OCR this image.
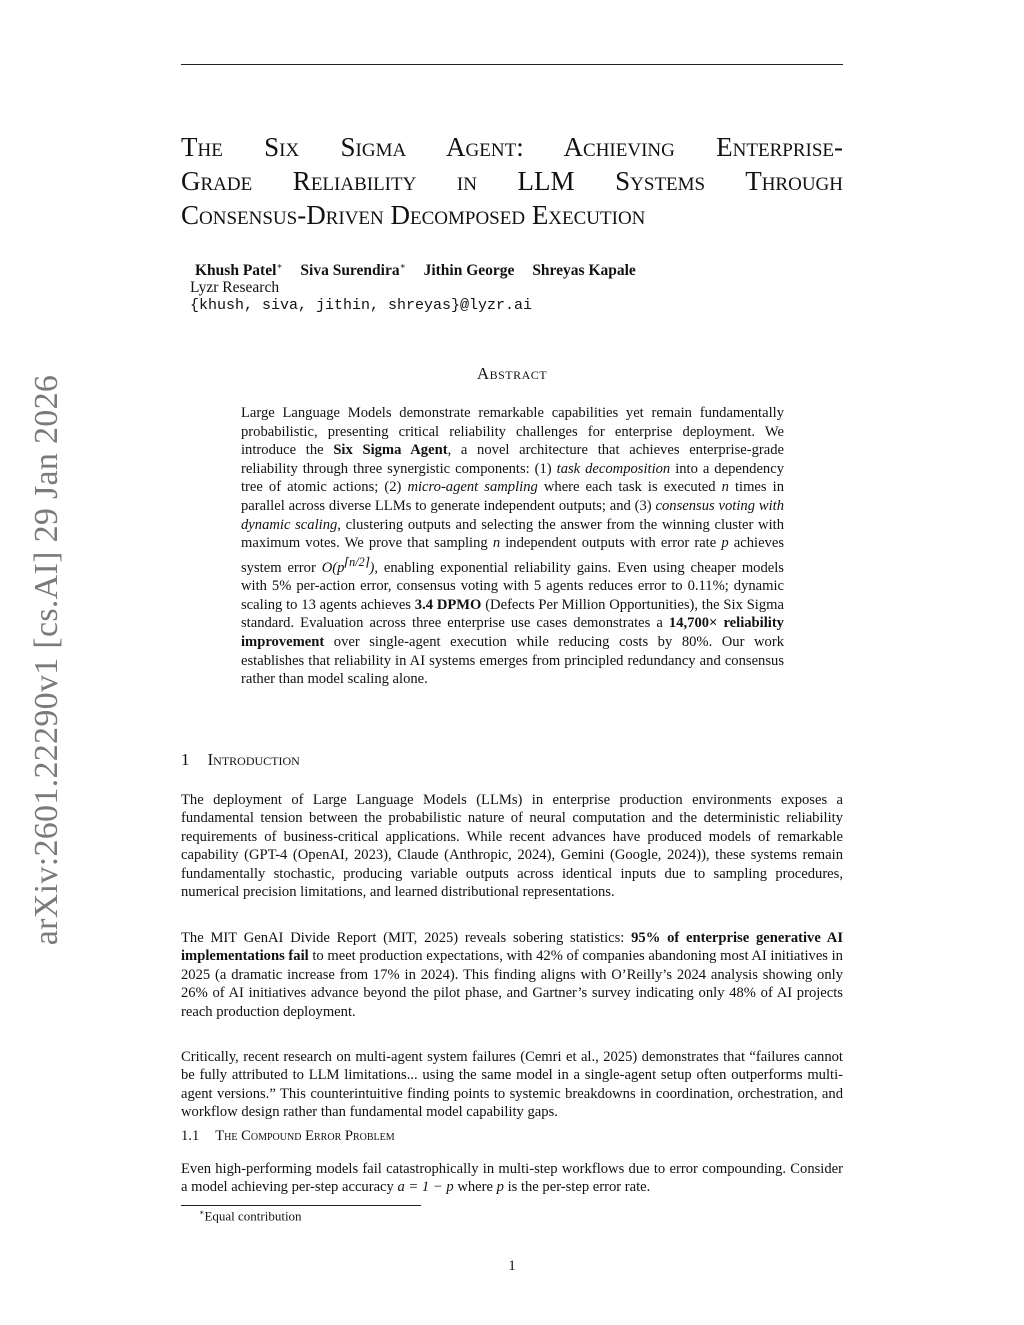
arXiv:2601.22290v1 [cs.AI] 29 Jan 2026
The Six Sigma Agent: Achieving Enterprise-
Grade Reliability in LLM Systems Through
Consensus-Driven Decomposed Execution
Khush Patel∗ Siva Surendira∗ Jithin George Shreyas Kapale
Lyzr Research
{khush, siva, jithin, shreyas}@lyzr.ai
Abstract
Large Language Models demonstrate remarkable capabilities yet remain fundamentally probabilistic, presenting critical reliability challenges for enterprise deployment. We introduce the Six Sigma Agent, a novel architecture that achieves enterprise-grade reliability through three synergistic components: (1) task decomposition into a dependency tree of atomic actions; (2) micro-agent sampling where each task is executed n times in parallel across diverse LLMs to generate independent outputs; and (3) consensus voting with dynamic scaling, clustering outputs and selecting the answer from the winning cluster with maximum votes. We prove that sampling n independent outputs with error rate p achieves system error $O(p^{⌈n/2⌉})$, enabling exponential reliability gains. Even using cheaper models with 5% per-action error, consensus voting with 5 agents reduces error to 0.11%; dynamic scaling to 13 agents achieves 3.4 DPMO (Defects Per Million Opportunities), the Six Sigma standard. Evaluation across three enterprise use cases demonstrates a 14,700× reliability improvement over single-agent execution while reducing costs by 80%. Our work establishes that reliability in AI systems emerges from principled redundancy and consensus rather than model scaling alone.
1 Introduction

The deployment of Large Language Models (LLMs) in enterprise production environments exposes a fundamental tension between the probabilistic nature of neural computation and the deterministic reliability requirements of business-critical applications. While recent advances have produced models of remarkable capability (GPT-4 (OpenAI, 2023), Claude (Anthropic, 2024), Gemini (Google, 2024)), these systems remain fundamentally stochastic, producing variable outputs across identical inputs due to sampling procedures, numerical precision limitations, and learned distributional representations.

The MIT GenAI Divide Report (MIT, 2025) reveals sobering statistics: 95% of enterprise generative AI implementations fail to meet production expectations, with 42% of companies abandoning most AI initiatives in 2025 (a dramatic increase from 17% in 2024). This finding aligns with O’Reilly’s 2024 analysis showing only 26% of AI initiatives advance beyond the pilot phase, and Gartner’s survey indicating only 48% of AI projects reach production deployment.

Critically, recent research on multi-agent system failures (Cemri et al., 2025) demonstrates that “failures cannot be fully attributed to LLM limitations... using the same model in a single-agent setup often outperforms multi-agent versions.” This counterintuitive finding points to systemic breakdowns in coordination, orchestration, and workflow design rather than fundamental model capability gaps.

1.1 The Compound Error Problem

Even high-performing models fail catastrophically in multi-step workflows due to error compounding. Consider a model achieving per-step accuracy a = 1 − p where p is the per-step error rate.

∗Equal contribution
1
